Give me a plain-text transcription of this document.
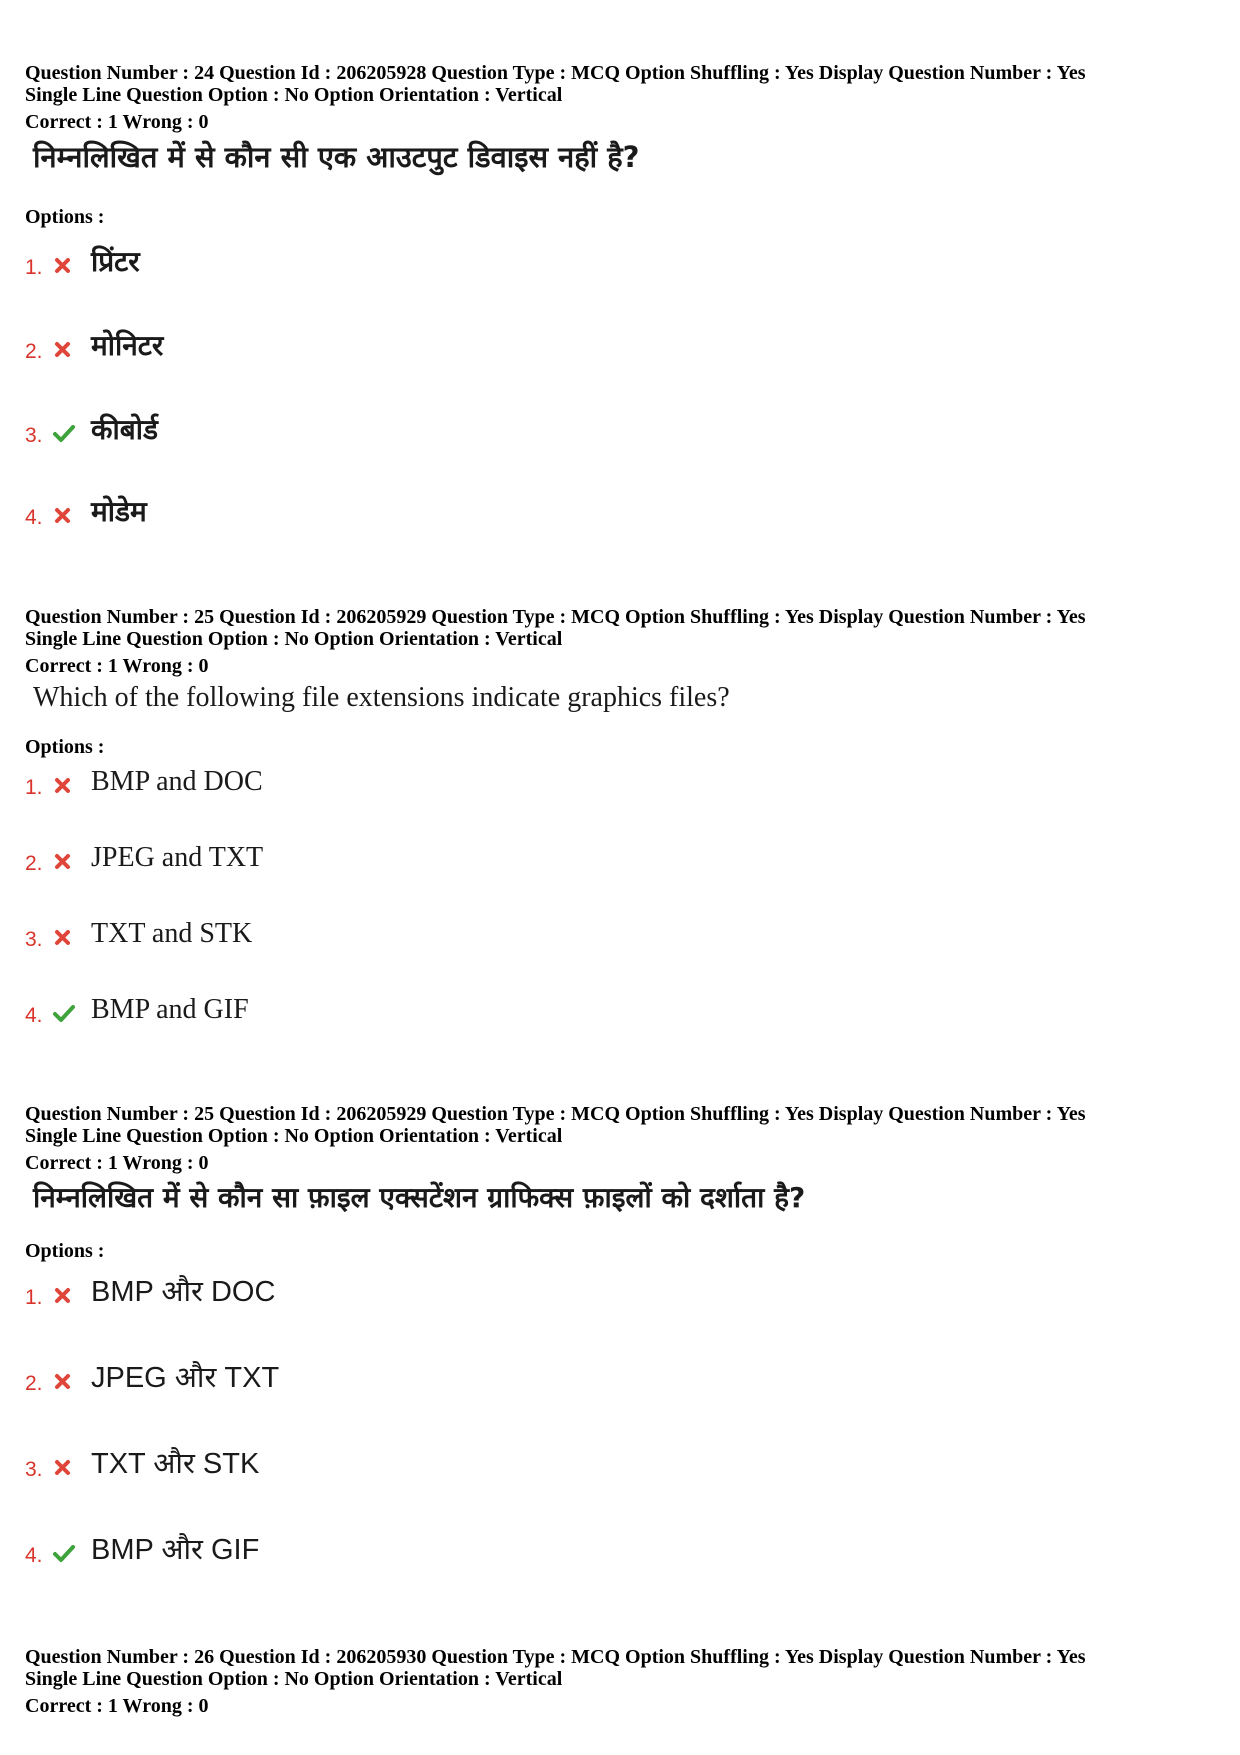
Question Number : 24 Question Id : 206205928 Question Type : MCQ Option Shuffling : Yes Display Question Number : Yes
Single Line Question Option : No Option Orientation : Vertical
Correct : 1 Wrong : 0
निम्नलिखित में से कौन सी एक आउटपुट डिवाइस नहीं है?
Options :
1. प्रिंटर
2. मोनिटर
3. कीबोर्ड
4. मोडेम
Question Number : 25 Question Id : 206205929 Question Type : MCQ Option Shuffling : Yes Display Question Number : Yes
Single Line Question Option : No Option Orientation : Vertical
Correct : 1 Wrong : 0
Which of the following file extensions indicate graphics files?
Options :
1. BMP and DOC
2. JPEG and TXT
3. TXT and STK
4. BMP and GIF
Question Number : 25 Question Id : 206205929 Question Type : MCQ Option Shuffling : Yes Display Question Number : Yes
Single Line Question Option : No Option Orientation : Vertical
Correct : 1 Wrong : 0
निम्नलिखित में से कौन सा फ़ाइल एक्सटेंशन ग्राफिक्स फ़ाइलों को दर्शाता है?
Options :
1. BMP और DOC
2. JPEG और TXT
3. TXT और STK
4. BMP और GIF
Question Number : 26 Question Id : 206205930 Question Type : MCQ Option Shuffling : Yes Display Question Number : Yes
Single Line Question Option : No Option Orientation : Vertical
Correct : 1 Wrong : 0
